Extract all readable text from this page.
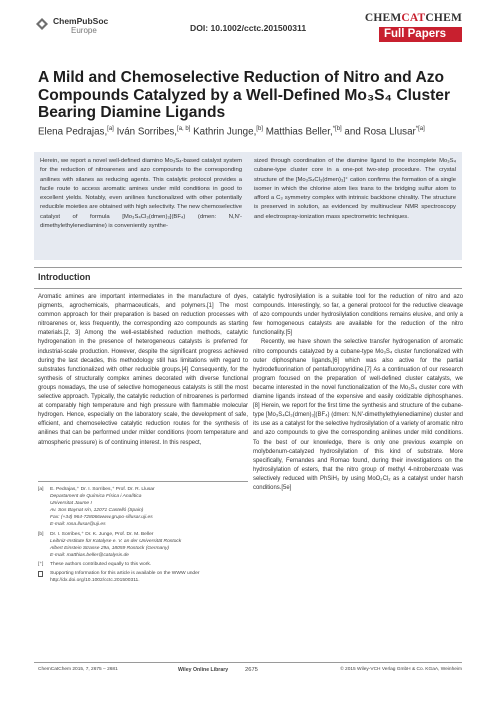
ChemPubSoc
Europe	DOI: 10.1002/cctc.201500311
CHEMCATCHEM
Full Papers
A Mild and Chemoselective Reduction of Nitro and Azo Compounds Catalyzed by a Well-Defined Mo₃S₄ Cluster Bearing Diamine Ligands
Elena Pedrajas,[a] Iván Sorribes,[a, b] Kathrin Junge,[b] Matthias Beller,$^{*[b]}$ and Rosa Llusar$^{*[a]}$

Herein, we report a novel well-defined diamino Mo₃S₄-based catalyst system for the reduction of nitroarenes and azo compounds to the corresponding anilines with silanes as reducing agents. This catalytic protocol provides a facile route to access aromatic amines under mild conditions in good to excellent yields. Notably, even anilines functionalized with other potentially reducible moieties are obtained with high selectivity. The new chemoselective catalyst of formula [Mo₃S₄Cl₃(dmen)₃](BF₄) (dmen: N,N′-dimethylethylenediamine) is conveniently synthe-

sized through coordination of the diamine ligand to the incomplete Mo₃S₄ cubane-type cluster core in a one-pot two-step procedure. The crystal structure of the [Mo₃S₄Cl₃(dmen)₃]⁺ cation confirms the formation of a single isomer in which the chlorine atom lies trans to the bridging sulfur atom to afford a C₃ symmetry complex with intrinsic backbone chirality. The structure is preserved in solution, as evidenced by multinuclear NMR spectroscopy and electrospray-ionization mass spectrometric techniques.

Introduction

Aromatic amines are important intermediates in the manufacture of dyes, pigments, agrochemicals, pharmaceuticals, and polymers.[1] The most common approach for their preparation is based on reduction processes with nitroarenes or, less frequently, the corresponding azo compounds as starting materials.[2, 3] Among the well-established reduction methods, catalytic hydrogenation in the presence of heterogeneous catalysts is preferred for industrial-scale production. However, despite the significant progress achieved during the last decades, this methodology still has limitations with regard to substrates functionalized with other reducible groups.[4] Consequently, for the synthesis of structurally complex amines decorated with diverse functional groups nowadays, the use of selective homogeneous catalysts is still the most selective approach. Typically, the catalytic reduction of nitroarenes is performed at comparably high temperature and high pressure with flammable molecular hydrogen. Hence, especially on the laboratory scale, the development of safe, efficient, and chemoselective catalytic reduction routes for the synthesis of anilines that can be performed under milder conditions (room temperature and atmospheric pressure) is of continuing interest. In this respect,

catalytic hydrosilylation is a suitable tool for the reduction of nitro and azo compounds. Interestingly, so far, a general protocol for the reductive cleavage of azo compounds under hydrosilylation conditions remains elusive, and only a few homogeneous catalysts are available for the reduction of the nitro functionality.[5]

Recently, we have shown the selective transfer hydrogenation of aromatic nitro compounds catalyzed by a cubane-type Mo₃S₄ cluster functionalized with outer diphosphane ligands,[6] which was also active for the partial hydrodefluorination of pentafluoropyridine.[7] As a continuation of our research program focused on the preparation of well-defined cluster catalysts, we became interested in the novel functionalization of the Mo₃S₄ cluster core with diamine ligands instead of the expensive and easily oxidizable diphosphanes.[8] Herein, we report for the first time the synthesis and structure of the cubane-type [Mo₃S₄Cl₃(dmen)₃](BF₄) (dmen: N,N′-dimethylethylenediamine) cluster and its use as a catalyst for the selective hydrosilylation of a variety of aromatic nitro and azo compounds to give the corresponding anilines under mild conditions. To the best of our knowledge, there is only one previous example on molybdenum-catalyzed hydrosilylation of this kind of substrate. More specifically, Fernandes and Romao found, during their investigations on the hydrosilylation of esters, that the nitro group of methyl 4-nitrobenzoate was selectively reduced with PhSiH₃ by using MoO₂Cl₂ as a catalyst under harsh conditions.[5e]

[a]	E. Pedrajas,⁺ Dr. I. Sorribes,⁺ Prof. Dr. R. Llusar
Departament de Química Física i Analítica
Universitat Jaume I
Av. Sos Baynat s/n, 12071 Castelló (Spain)
Fax: (+34) 964-728066www.grupo-rillusar.uji.es
E-mail: rosa.llusar@uji.es
[b]	Dr. I. Sorribes,⁺ Dr. K. Junge, Prof. Dr. M. Beller
Leibniz-Institute für Katalyse e. V. an der Universität Rostock
Albert Einstein Strasse 29a, 18059 Rostock (Germany)
E-mail: matthias.beller@catalysis.de
[⁺]	These authors contributed equally to this work.
Supporting Information for this article is available on the WWW under
http://dx.doi.org/10.1002/cctc.201500311.
ChemCatChem 2015, 7, 2675 – 2681	Wiley Online Library	2675	© 2015 Wiley-VCH Verlag GmbH & Co. KGaA, Weinheim
